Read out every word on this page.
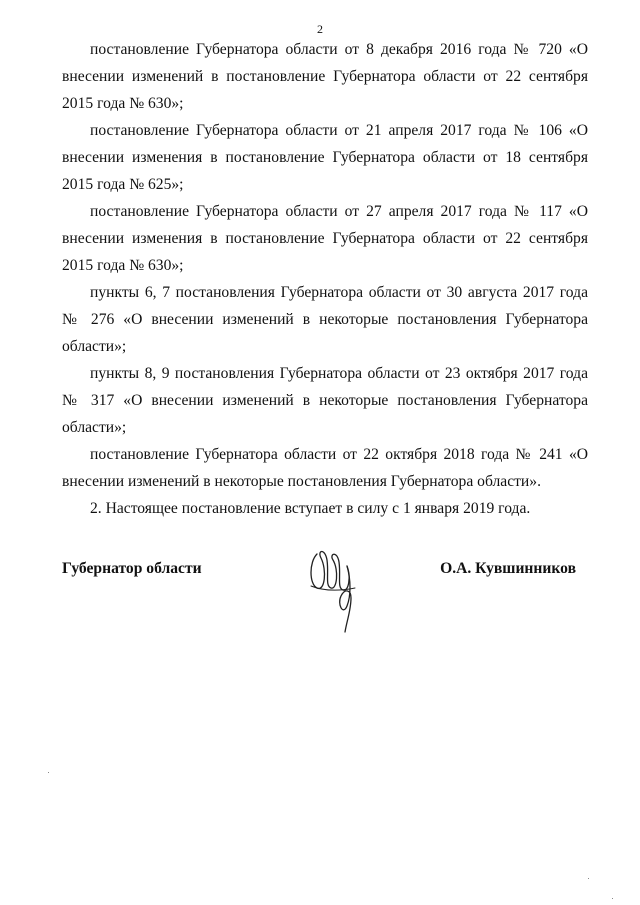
2

постановление Губернатора области от 8 декабря 2016 года № 720 «О внесении изменений в постановление Губернатора области от 22 сентября 2015 года № 630»;

постановление Губернатора области от 21 апреля 2017 года № 106 «О внесении изменения в постановление Губернатора области от 18 сентября 2015 года № 625»;

постановление Губернатора области от 27 апреля 2017 года № 117 «О внесении изменения в постановление Губернатора области от 22 сентября 2015 года № 630»;

пункты 6, 7 постановления Губернатора области от 30 августа 2017 года № 276 «О внесении изменений в некоторые постановления Губернатора области»;

пункты 8, 9 постановления Губернатора области от 23 октября 2017 года № 317 «О внесении изменений в некоторые постановления Губернатора области»;

постановление Губернатора области от 22 октября 2018 года № 241 «О внесении изменений в некоторые постановления Губернатора области».

2. Настоящее постановление вступает в силу с 1 января 2019 года.

Губернатор области	О.А. Кувшинников
